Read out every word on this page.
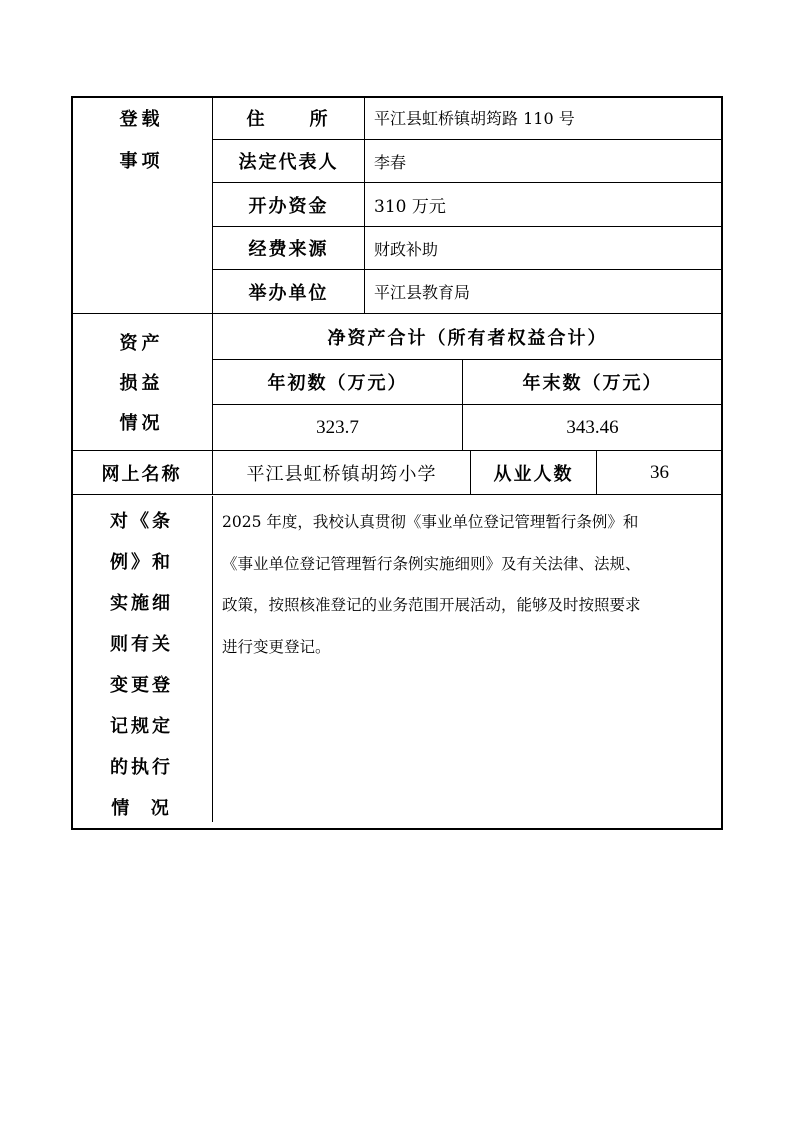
登载
事项
住　　所	平江县虹桥镇胡筠路 110 号
法定代表人 李春
开办资金	310 万元
经费来源	财政补助
举办单位	平江县教育局
资产
损益
情况
净资产合计（所有者权益合计）
年初数（万元）	年末数（万元）
323.7	343.46
网上名称	平江县虹桥镇胡筠小学	从业人数	36
对《条
例》和
实施细
则有关
变更登
记规定
的执行
情  况
2025 年度，我校认真贯彻《事业单位登记管理暂行条例》和
《事业单位登记管理暂行条例实施细则》及有关法律、法规、
政策，按照核准登记的业务范围开展活动，能够及时按照要求
进行变更登记。
